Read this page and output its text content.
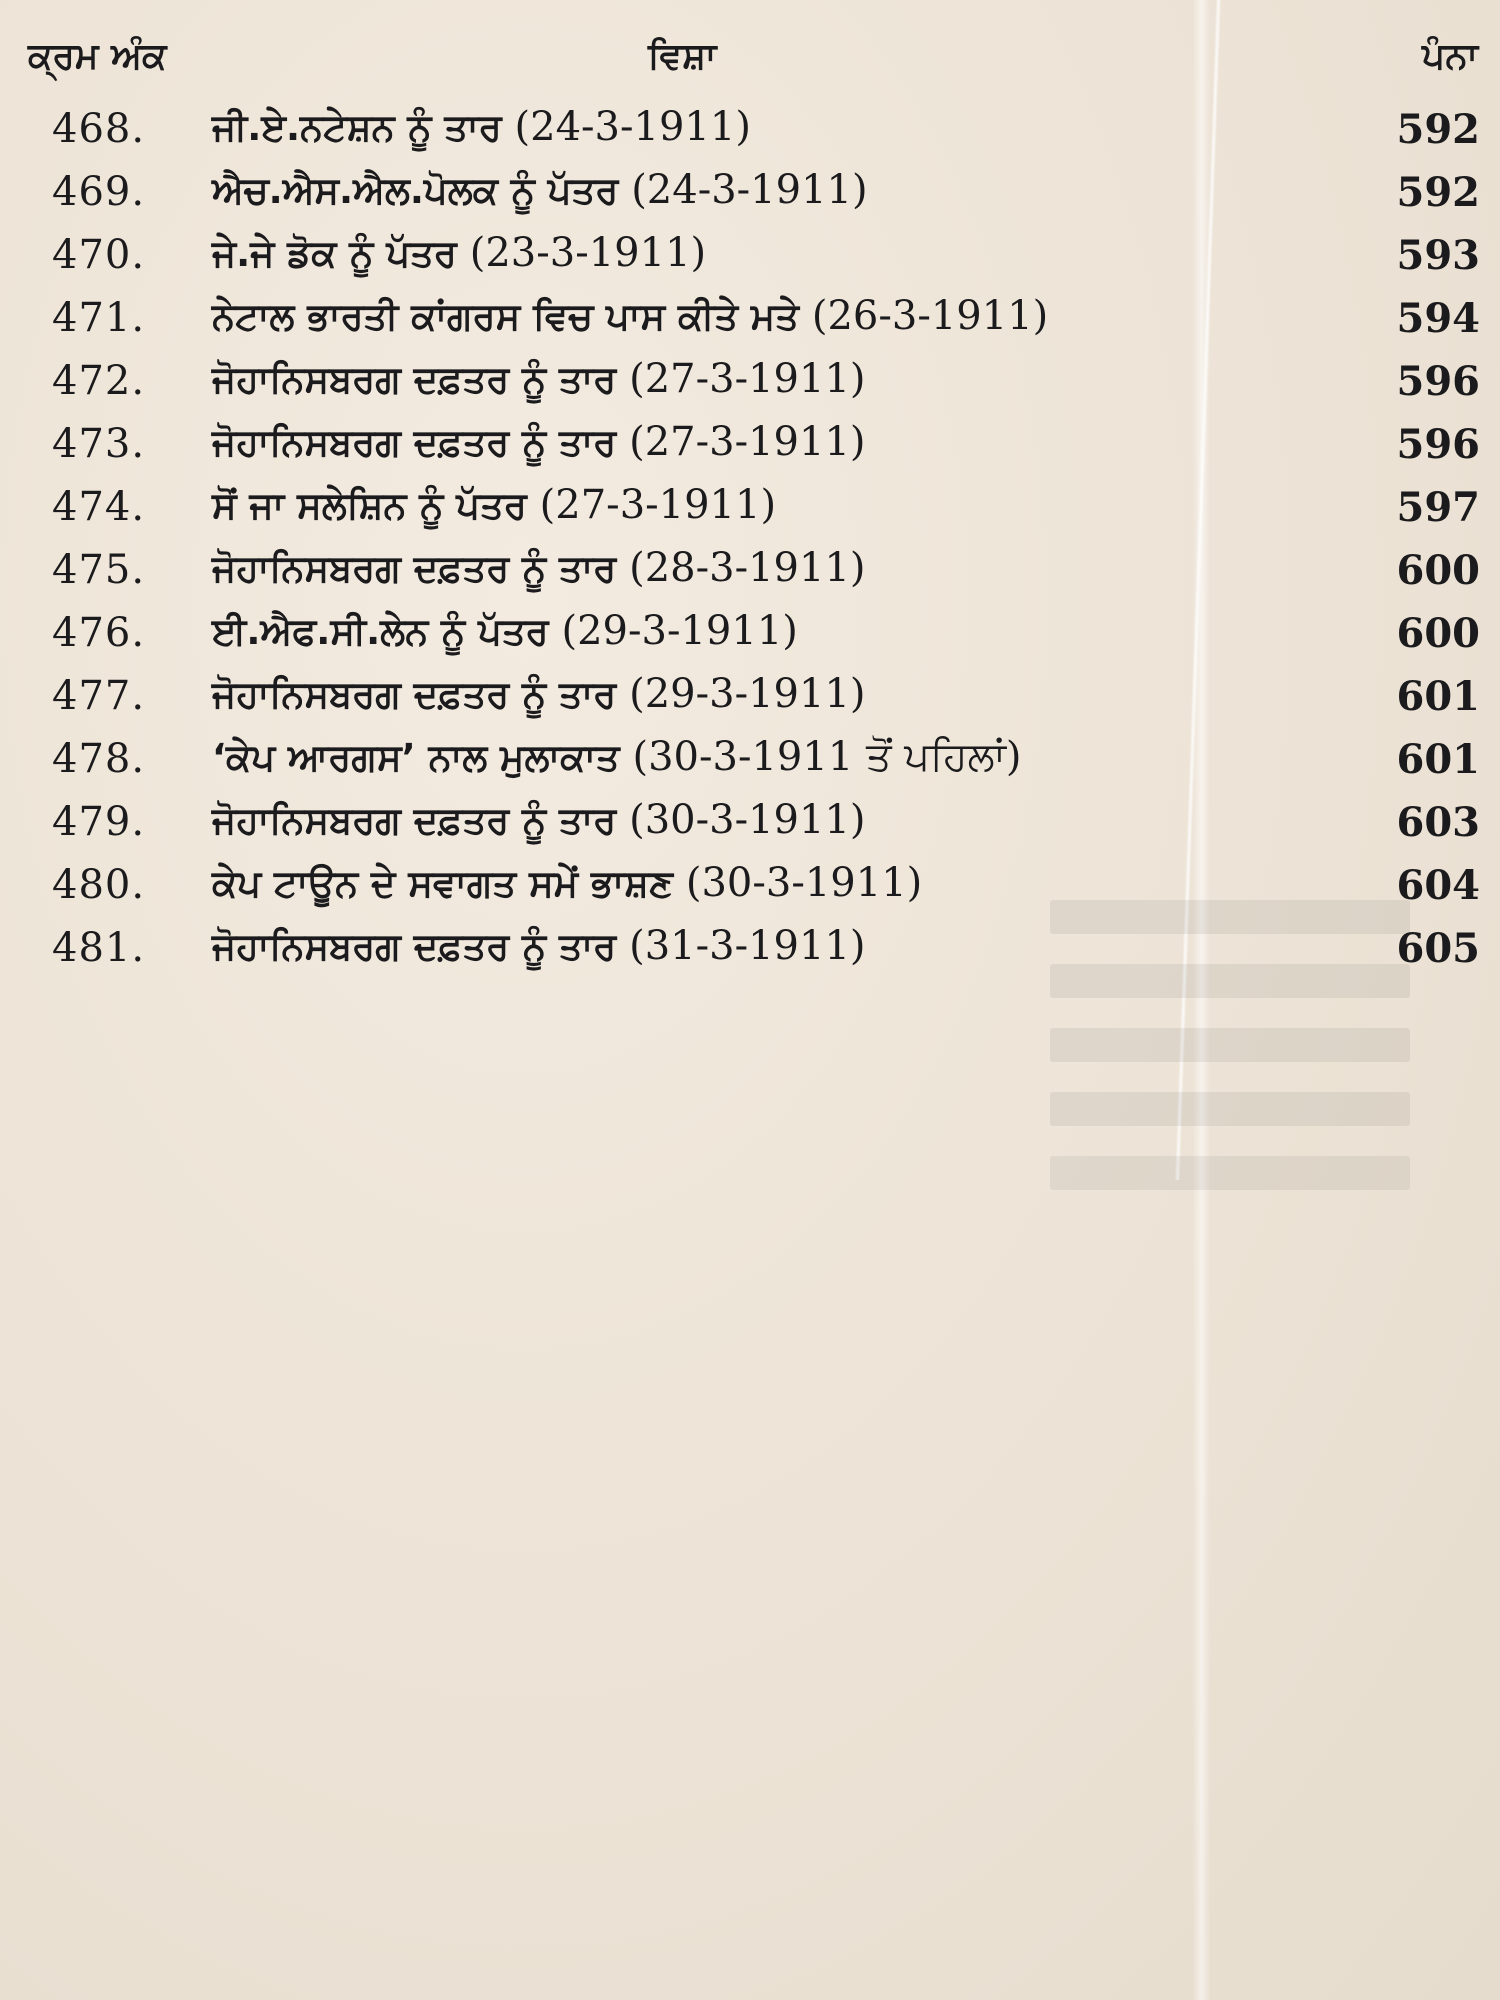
ਕ੍ਰਮ ਅੰਕ	ਵਿਸ਼ਾ	ਪੰਨਾ
468. ਜੀ.ਏ.ਨਟੇਸ਼ਨ ਨੂੰ ਤਾਰ (24-3-1911)	592
469. ਐਚ.ਐਸ.ਐਲ.ਪੋਲਕ ਨੂੰ ਪੱਤਰ (24-3-1911)	592
470. ਜੇ.ਜੇ ਡੋਕ ਨੂੰ ਪੱਤਰ (23-3-1911)	593
471. ਨੇਟਾਲ ਭਾਰਤੀ ਕਾਂਗਰਸ ਵਿਚ ਪਾਸ ਕੀਤੇ ਮਤੇ (26-3-1911)	594
472. ਜੋਹਾਨਿਸਬਰਗ ਦਫ਼ਤਰ ਨੂੰ ਤਾਰ (27-3-1911)	596
473. ਜੋਹਾਨਿਸਬਰਗ ਦਫ਼ਤਰ ਨੂੰ ਤਾਰ (27-3-1911)	596
474. ਸੋਂ ਜਾ ਸਲੇਸ਼ਿਨ ਨੂੰ ਪੱਤਰ (27-3-1911)	597
475. ਜੋਹਾਨਿਸਬਰਗ ਦਫ਼ਤਰ ਨੂੰ ਤਾਰ (28-3-1911)	600
476. ਈ.ਐਫ.ਸੀ.ਲੇਨ ਨੂੰ ਪੱਤਰ (29-3-1911)	600
477. ਜੋਹਾਨਿਸਬਰਗ ਦਫ਼ਤਰ ਨੂੰ ਤਾਰ (29-3-1911)	601
478. ‘ਕੇਪ ਆਰਗਸ’ ਨਾਲ ਮੁਲਾਕਾਤ (30-3-1911 ਤੋਂ ਪਹਿਲਾਂ)	601
479. ਜੋਹਾਨਿਸਬਰਗ ਦਫ਼ਤਰ ਨੂੰ ਤਾਰ (30-3-1911)	603
480. ਕੇਪ ਟਾਊਨ ਦੇ ਸਵਾਗਤ ਸਮੇਂ ਭਾਸ਼ਣ (30-3-1911)	604
481. ਜੋਹਾਨਿਸਬਰਗ ਦਫ਼ਤਰ ਨੂੰ ਤਾਰ (31-3-1911)	605
